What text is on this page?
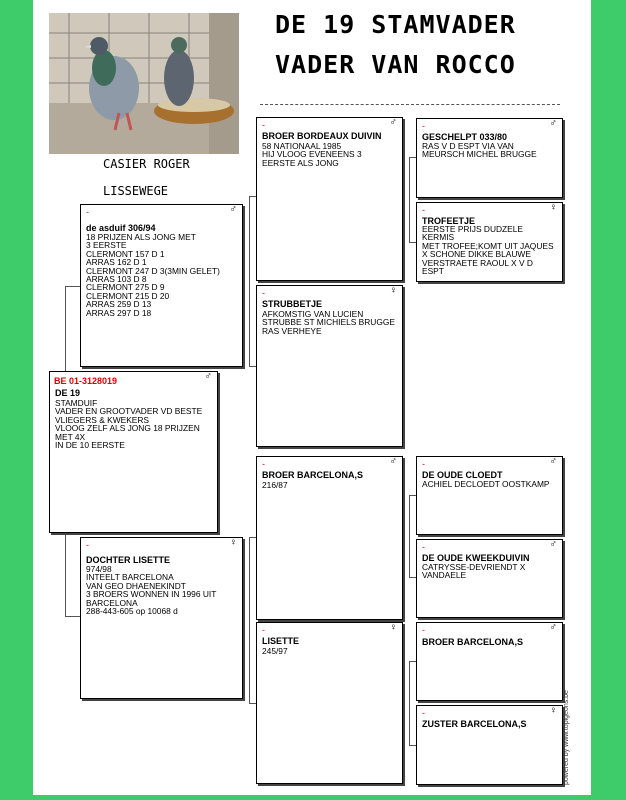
DE 19 STAMVADER
VADER VAN ROCCO
CASIER ROGER
LISSEWEGE
BE 01-3128019	♂
DE 19
STAMDUIF
VADER EN GROOTVADER VD BESTE
VLIEGERS & KWEKERS
VLOOG ZELF ALS JONG 18 PRIJZEN
MET 4X
IN DE 10 EERSTE
-	♂
de asduif 306/94
18 PRIJZEN ALS JONG MET
3 EERSTE
CLERMONT 157 D 1
ARRAS 162 D 1
CLERMONT 247 D 3(3MIN GELET)
ARRAS 103 D 8
CLERMONT 275 D 9
CLERMONT 215 D 20
ARRAS 259 D 13
ARRAS 297 D 18
-	♀
DOCHTER LISETTE
974/98
INTEELT BARCELONA
VAN GEO DHAENEKINDT
3 BROERS WONNEN IN 1996 UIT
BARCELONA
288-443-605 op 10068 d
-	♂
BROER BORDEAUX DUIVIN
58 NATIONAAL 1985
HIJ VLOOG EVENEENS 3
EERSTE ALS JONG
-	♀
STRUBBETJE
AFKOMSTIG VAN LUCIEN
STRUBBE ST MICHIELS BRUGGE
RAS VERHEYE
-	♂
BROER BARCELONA,S
216/87
-	♀
LISETTE
245/97
-	♂
GESCHELPT 033/80
RAS V D ESPT VIA VAN
MEURSCH MICHEL BRUGGE
-	♀
TROFEETJE
EERSTE PRIJS DUDZELE
KERMIS
MET TROFEE;KOMT UIT JAQUES
X SCHONE DIKKE BLAUWE
VERSTRAETE RAOUL X V D
ESPT
-	♂
DE OUDE CLOEDT
ACHIEL DECLOEDT OOSTKAMP
-	♂
DE OUDE KWEEKDUIVIN
CATRYSSE-DEVRIENDT X
VANDAELE
-	♂
BROER BARCELONA,S
-	♀
ZUSTER BARCELONA,S	powered by www.topigeons.be
